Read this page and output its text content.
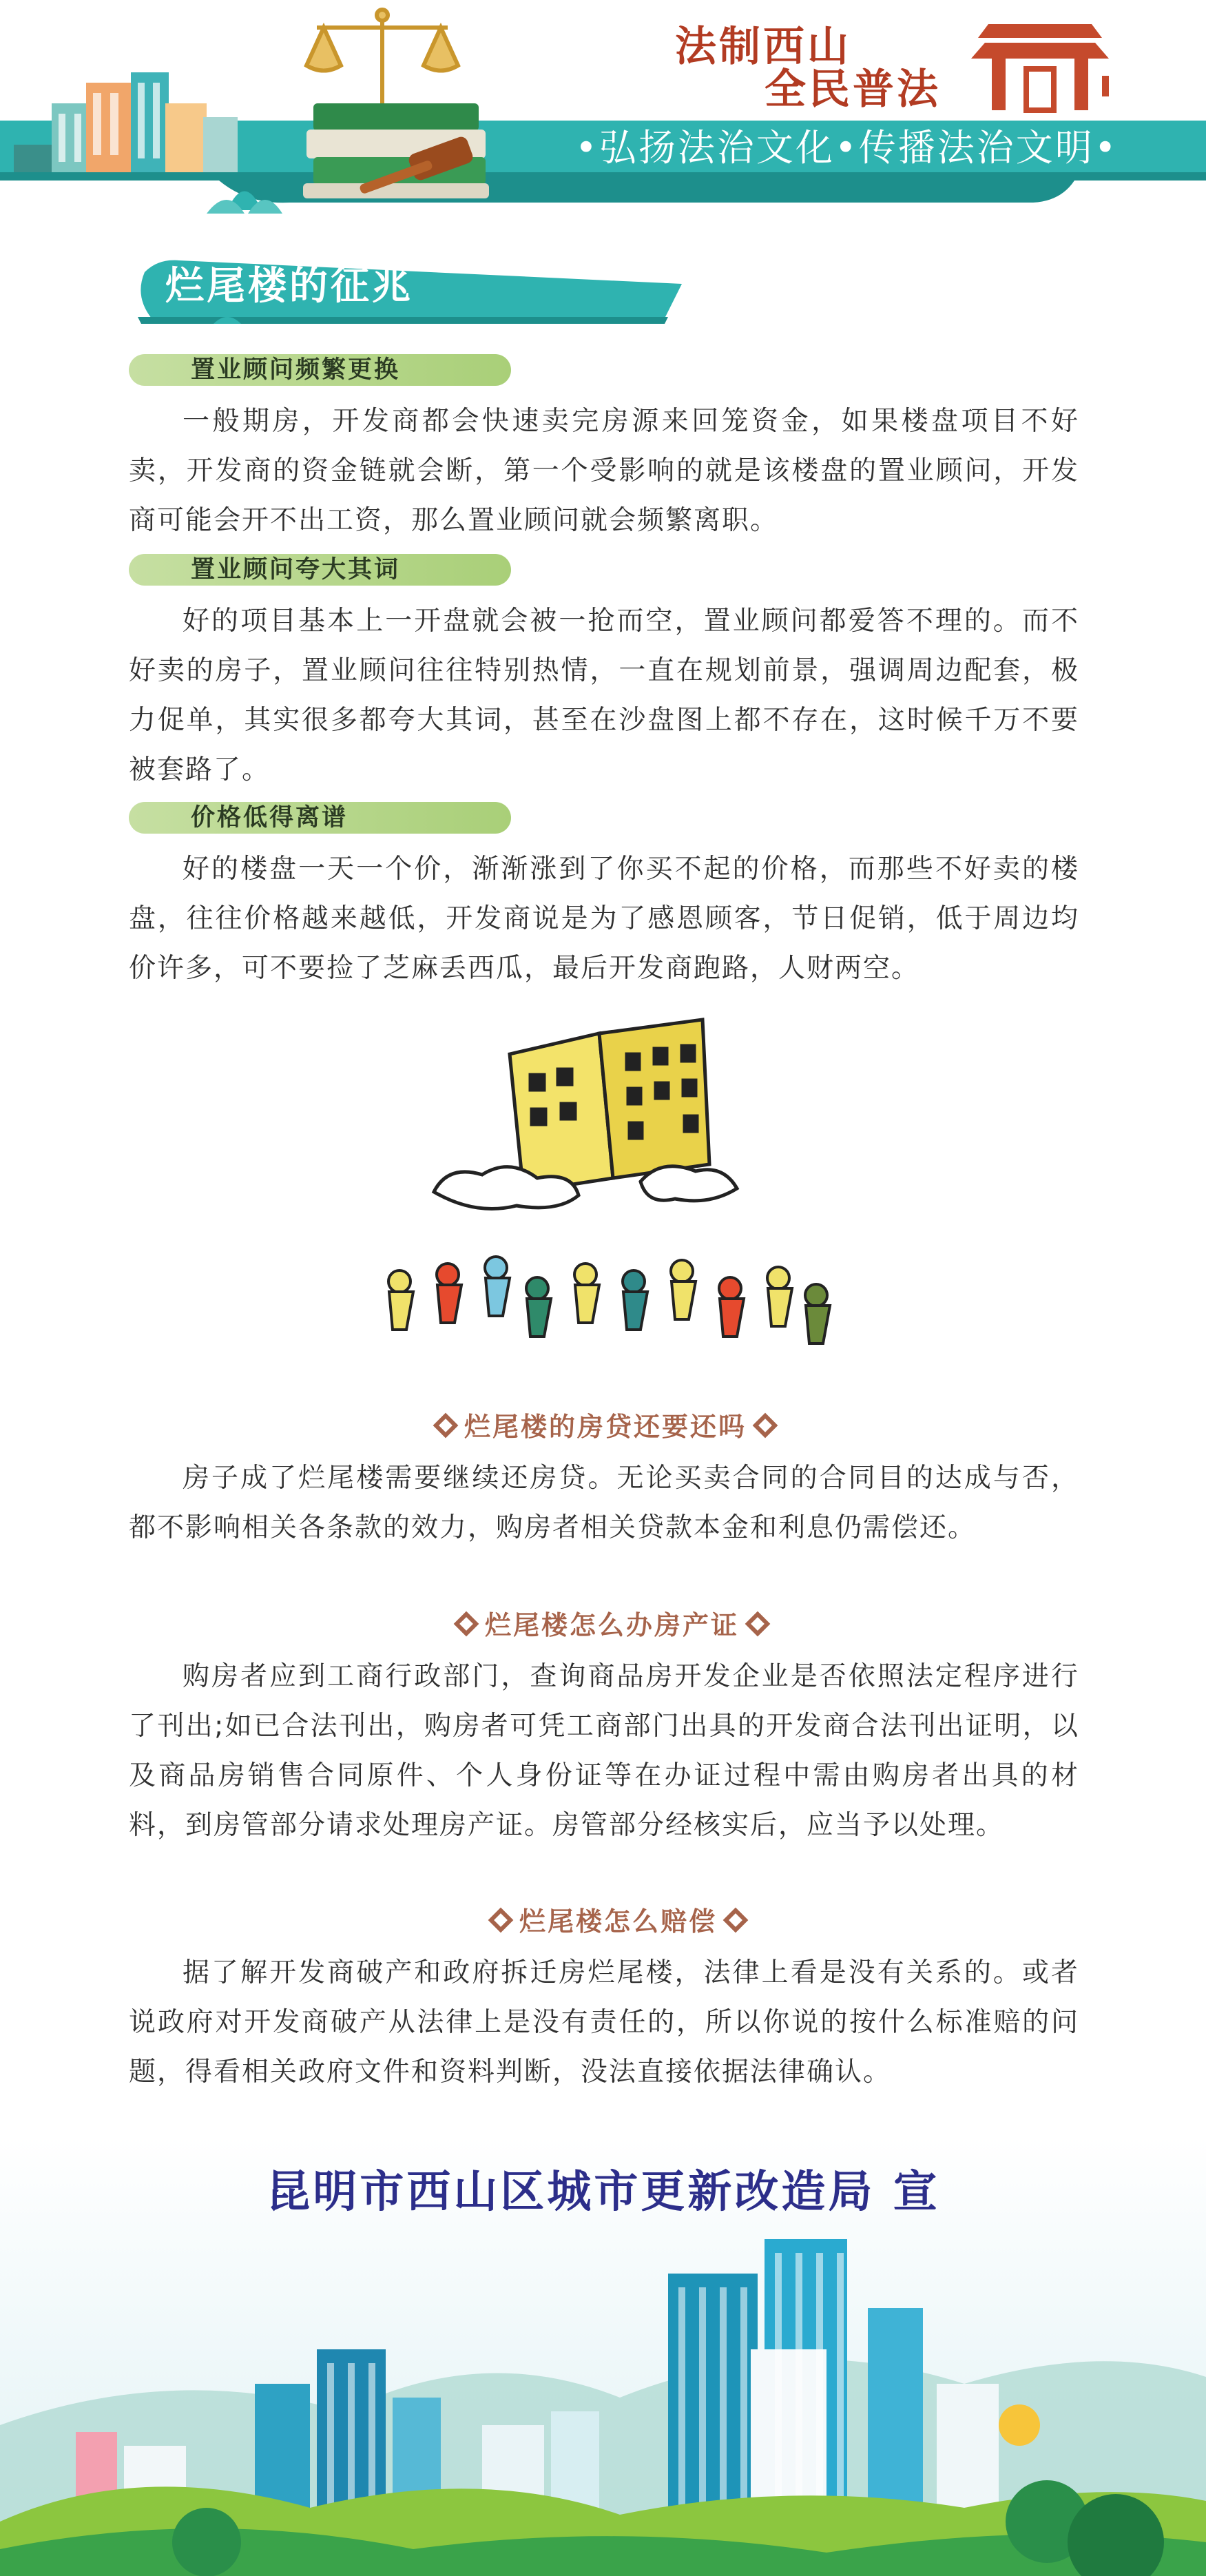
法制西山
全民普法
•弘扬法治文化•传播法治文明•
烂尾楼的征兆
置业顾问频繁更换

一般期房，开发商都会快速卖完房源来回笼资金，如果楼盘项目不好卖，开发商的资金链就会断，第一个受影响的就是该楼盘的置业顾问，开发商可能会开不出工资，那么置业顾问就会频繁离职。

置业顾问夸大其词

好的项目基本上一开盘就会被一抢而空，置业顾问都爱答不理的。而不好卖的房子，置业顾问往往特别热情，一直在规划前景，强调周边配套，极力促单，其实很多都夸大其词，甚至在沙盘图上都不存在，这时候千万不要被套路了。

价格低得离谱

好的楼盘一天一个价，渐渐涨到了你买不起的价格，而那些不好卖的楼盘，往往价格越来越低，开发商说是为了感恩顾客，节日促销，低于周边均价许多，可不要捡了芝麻丢西瓜，最后开发商跑路，人财两空。

烂尾楼的房贷还要还吗

房子成了烂尾楼需要继续还房贷。无论买卖合同的合同目的达成与否，都不影响相关各条款的效力，购房者相关贷款本金和利息仍需偿还。

烂尾楼怎么办房产证

购房者应到工商行政部门，查询商品房开发企业是否依照法定程序进行了刊出;如已合法刊出，购房者可凭工商部门出具的开发商合法刊出证明，以及商品房销售合同原件、个人身份证等在办证过程中需由购房者出具的材料，到房管部分请求处理房产证。房管部分经核实后，应当予以处理。

烂尾楼怎么赔偿

据了解开发商破产和政府拆迁房烂尾楼，法律上看是没有关系的。或者说政府对开发商破产从法律上是没有责任的，所以你说的按什么标准赔的问题，得看相关政府文件和资料判断，没法直接依据法律确认。

昆明市西山区城市更新改造局 宣
